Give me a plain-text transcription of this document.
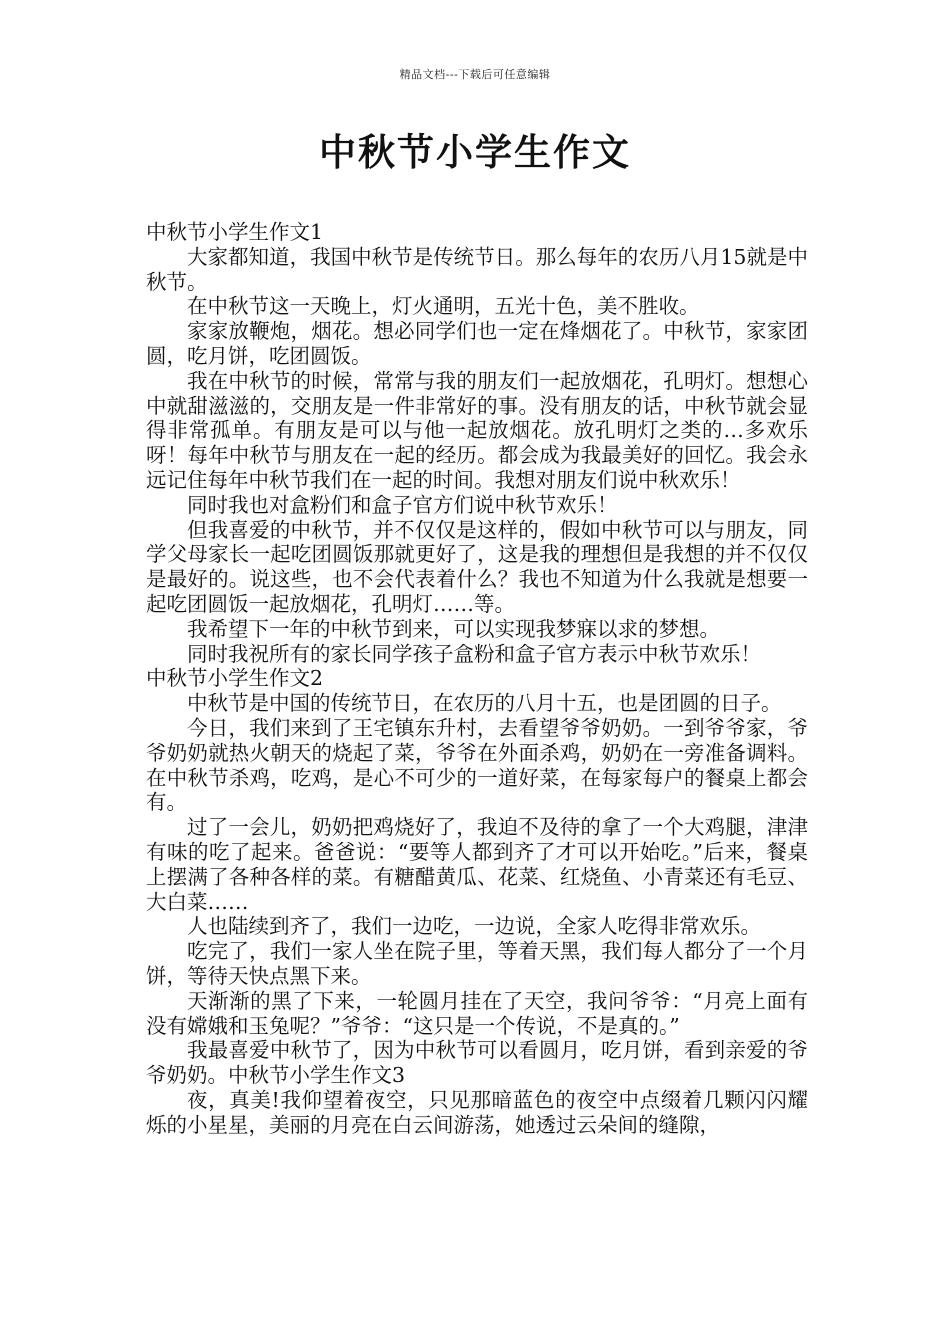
精品文档---下载后可任意编辑
中秋节小学生作文

中秋节小学生作文1

大家都知道，我国中秋节是传统节日。那么每年的农历八月15就是中秋节。

在中秋节这一天晚上，灯火通明，五光十色，美不胜收。

家家放鞭炮，烟花。想必同学们也一定在烽烟花了。中秋节，家家团圆，吃月饼，吃团圆饭。

我在中秋节的时候，常常与我的朋友们一起放烟花，孔明灯。想想心中就甜滋滋的，交朋友是一件非常好的事。没有朋友的话，中秋节就会显得非常孤单。有朋友是可以与他一起放烟花。放孔明灯之类的…多欢乐呀！每年中秋节与朋友在一起的经历。都会成为我最美好的回忆。我会永远记住每年中秋节我们在一起的时间。我想对朋友们说中秋欢乐！

同时我也对盒粉们和盒子官方们说中秋节欢乐！

但我喜爱的中秋节，并不仅仅是这样的，假如中秋节可以与朋友，同学父母家长一起吃团圆饭那就更好了，这是我的理想但是我想的并不仅仅是最好的。说这些，也不会代表着什么？我也不知道为什么我就是想要一起吃团圆饭一起放烟花，孔明灯……等。

我希望下一年的中秋节到来，可以实现我梦寐以求的梦想。

同时我祝所有的家长同学孩子盒粉和盒子官方表示中秋节欢乐！

中秋节小学生作文2

中秋节是中国的传统节日，在农历的八月十五，也是团圆的日子。

今日，我们来到了王宅镇东升村，去看望爷爷奶奶。一到爷爷家，爷爷奶奶就热火朝天的烧起了菜，爷爷在外面杀鸡，奶奶在一旁准备调料。在中秋节杀鸡，吃鸡，是心不可少的一道好菜，在每家每户的餐桌上都会有。

过了一会儿，奶奶把鸡烧好了，我迫不及待的拿了一个大鸡腿，津津有味的吃了起来。爸爸说：“要等人都到齐了才可以开始吃。”后来，餐桌上摆满了各种各样的菜。有糖醋黄瓜、花菜、红烧鱼、小青菜还有毛豆、大白菜……

人也陆续到齐了，我们一边吃，一边说，全家人吃得非常欢乐。

吃完了，我们一家人坐在院子里，等着天黑，我们每人都分了一个月饼，等待天快点黑下来。

天渐渐的黑了下来，一轮圆月挂在了天空，我问爷爷：“月亮上面有没有嫦娥和玉兔呢？”爷爷：“这只是一个传说，不是真的。”

我最喜爱中秋节了，因为中秋节可以看圆月，吃月饼，看到亲爱的爷爷奶奶。中秋节小学生作文3

夜，真美!我仰望着夜空，只见那暗蓝色的夜空中点缀着几颗闪闪耀烁的小星星，美丽的月亮在白云间游荡，她透过云朵间的缝隙，
